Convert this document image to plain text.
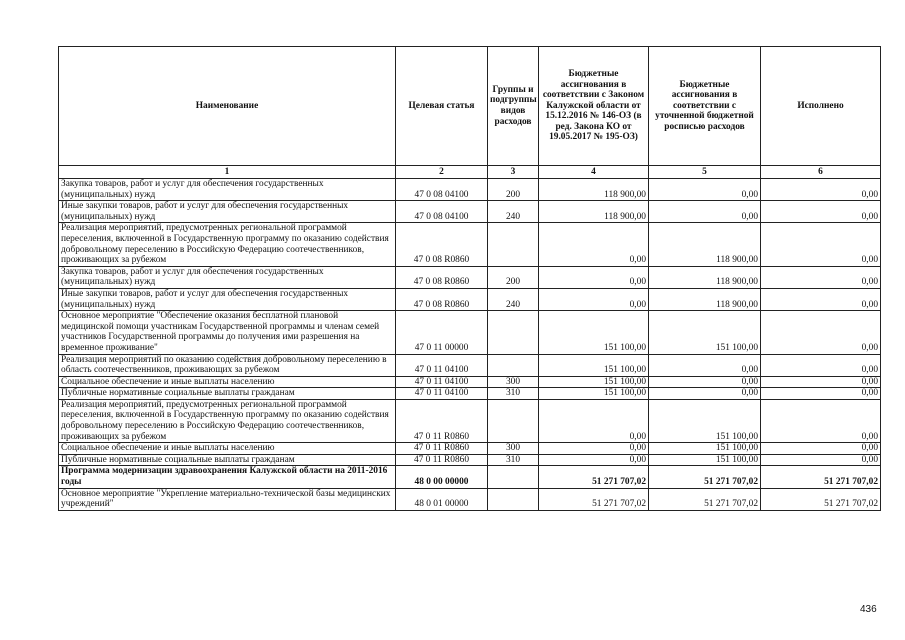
Наименование	Целевая статья	Группы и подгруппы видов расходов	Бюджетные ассигнования в соответствии с Законом Калужской области от 15.12.2016 № 146-ОЗ (в ред. Закона КО от 19.05.2017 № 195-ОЗ)	Бюджетные ассигнования в соответствии с уточненной бюджетной росписью расходов	Исполнено
1	2	3	4	5	6
Закупка товаров, работ и услуг для обеспечения государственных (муниципальных) нужд	47 0 08 04100	200	118 900,00	0,00	0,00
Иные закупки товаров, работ и услуг для обеспечения государственных (муниципальных) нужд	47 0 08 04100	240	118 900,00	0,00	0,00
Реализация мероприятий, предусмотренных региональной программой переселения, включенной в Государственную программу по оказанию содействия добровольному переселению в Российскую Федерацию соотечественников, проживающих за рубежом	47 0 08 R0860		0,00	118 900,00	0,00
Закупка товаров, работ и услуг для обеспечения государственных (муниципальных) нужд	47 0 08 R0860	200	0,00	118 900,00	0,00
Иные закупки товаров, работ и услуг для обеспечения государственных (муниципальных) нужд	47 0 08 R0860	240	0,00	118 900,00	0,00
Основное мероприятие "Обеспечение оказания бесплатной плановой медицинской помощи участникам Государственной программы и членам семей участников Государственной программы до получения ими разрешения на временное проживание"	47 0 11 00000		151 100,00	151 100,00	0,00
Реализация мероприятий по оказанию содействия добровольному переселению в область соотечественников, проживающих за рубежом	47 0 11 04100		151 100,00	0,00	0,00
Социальное обеспечение и иные выплаты населению	47 0 11 04100	300	151 100,00	0,00	0,00
Публичные нормативные социальные выплаты гражданам	47 0 11 04100	310	151 100,00	0,00	0,00
Реализация мероприятий, предусмотренных региональной программой переселения, включенной в Государственную программу по оказанию содействия добровольному переселению в Российскую Федерацию соотечественников, проживающих за рубежом	47 0 11 R0860		0,00	151 100,00	0,00
Социальное обеспечение и иные выплаты населению	47 0 11 R0860	300	0,00	151 100,00	0,00
Публичные нормативные социальные выплаты гражданам	47 0 11 R0860	310	0,00	151 100,00	0,00
Программа модернизации здравоохранения Калужской области на 2011-2016 годы	48 0 00 00000		51 271 707,02	51 271 707,02	51 271 707,02
Основное мероприятие "Укрепление материально-технической базы медицинских учреждений"	48 0 01 00000		51 271 707,02	51 271 707,02	51 271 707,02
436
